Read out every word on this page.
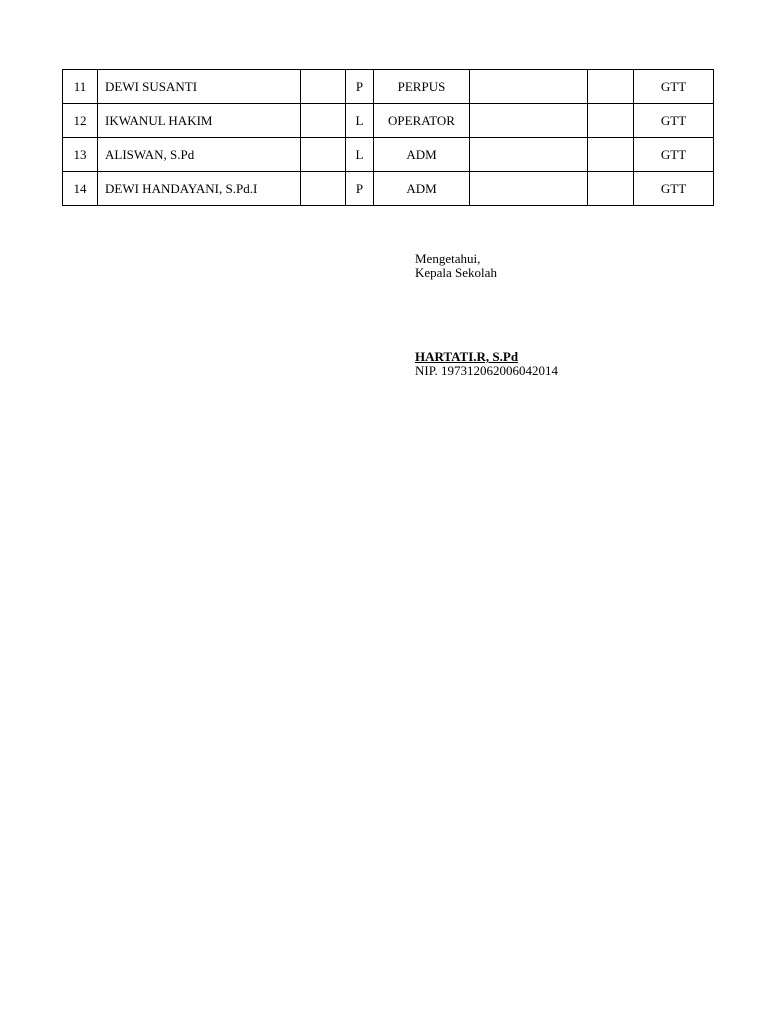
11	DEWI SUSANTI		P	PERPUS			GTT
12	IKWANUL HAKIM		L	OPERATOR			GTT
13	ALISWAN, S.Pd		L	ADM			GTT
14	DEWI HANDAYANI, S.Pd.I		P	ADM			GTT
Mengetahui,
Kepala Sekolah
HARTATI.R, S.Pd
NIP. 197312062006042014
